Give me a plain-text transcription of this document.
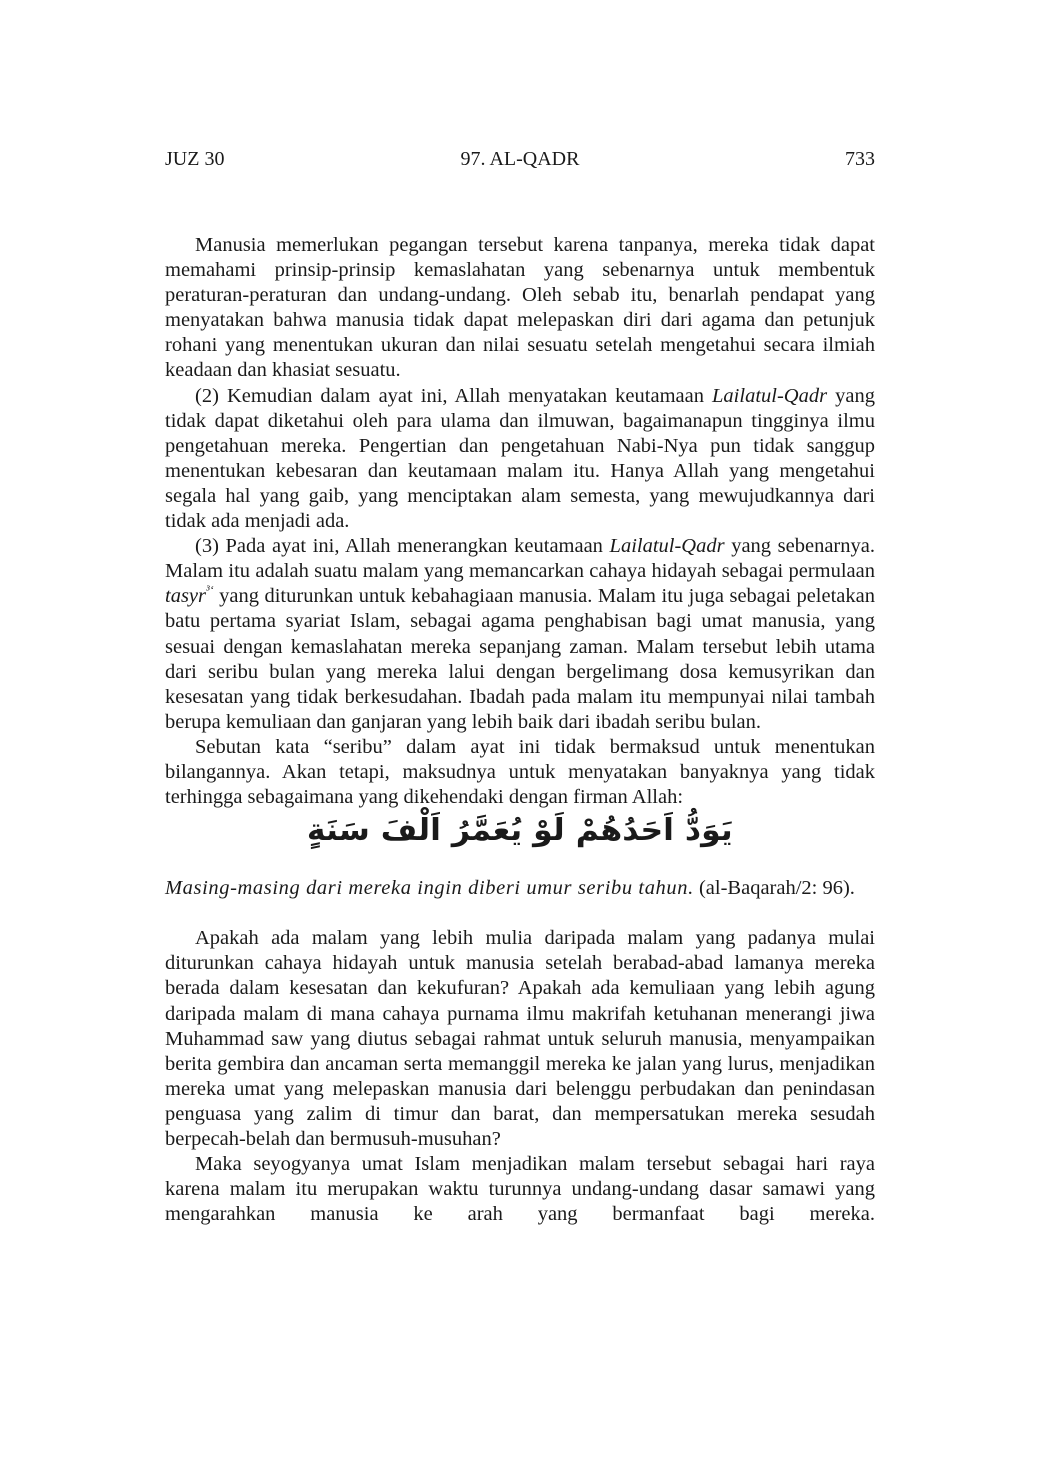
JUZ 30	97. AL-QADR	733

Manusia memerlukan pegangan tersebut karena tanpanya, mereka tidak dapat memahami prinsip-prinsip kemaslahatan yang sebenarnya untuk membentuk peraturan-peraturan dan undang-undang. Oleh sebab itu, benarlah pendapat yang menyatakan bahwa manusia tidak dapat melepaskan diri dari agama dan petunjuk rohani yang menentukan ukuran dan nilai sesuatu setelah mengetahui secara ilmiah keadaan dan khasiat sesuatu.

(2) Kemudian dalam ayat ini, Allah menyatakan keutamaan Lailatul-Qadr yang tidak dapat diketahui oleh para ulama dan ilmuwan, bagaimanapun tingginya ilmu pengetahuan mereka. Pengertian dan pengetahuan Nabi-Nya pun tidak sanggup menentukan kebesaran dan keutamaan malam itu. Hanya Allah yang mengetahui segala hal yang gaib, yang menciptakan alam semesta, yang mewujudkannya dari tidak ada menjadi ada.

(3) Pada ayat ini, Allah menerangkan keutamaan Lailatul-Qadr yang sebenarnya. Malam itu adalah suatu malam yang memancarkan cahaya hidayah sebagai permulaan tasyr$^{^3‘}$ yang diturunkan untuk kebahagiaan manusia. Malam itu juga sebagai peletakan batu pertama syariat Islam, sebagai agama penghabisan bagi umat manusia, yang sesuai dengan kemaslahatan mereka sepanjang zaman. Malam tersebut lebih utama dari seribu bulan yang mereka lalui dengan bergelimang dosa kemusyrikan dan kesesatan yang tidak berkesudahan. Ibadah pada malam itu mempunyai nilai tambah berupa kemuliaan dan ganjaran yang lebih baik dari ibadah seribu bulan.

Sebutan kata “seribu” dalam ayat ini tidak bermaksud untuk menentukan bilangannya. Akan tetapi, maksudnya untuk menyatakan banyaknya yang tidak terhingga sebagaimana yang dikehendaki dengan firman Allah:

يَوَدُّ اَحَدُهُمْ لَوْ يُعَمَّرُ اَلْفَ سَنَةٍ

Masing-masing dari mereka ingin diberi umur seribu tahun. (al-Baqarah/2: 96).

Apakah ada malam yang lebih mulia daripada malam yang padanya mulai diturunkan cahaya hidayah untuk manusia setelah berabad-abad lamanya mereka berada dalam kesesatan dan kekufuran? Apakah ada kemuliaan yang lebih agung daripada malam di mana cahaya purnama ilmu makrifah ketuhanan menerangi jiwa Muhammad saw yang diutus sebagai rahmat untuk seluruh manusia, menyampaikan berita gembira dan ancaman serta memanggil mereka ke jalan yang lurus, menjadikan mereka umat yang melepaskan manusia dari belenggu perbudakan dan penindasan penguasa yang zalim di timur dan barat, dan mempersatukan mereka sesudah berpecah-belah dan bermusuh-musuhan?

Maka seyogyanya umat Islam menjadikan malam tersebut sebagai hari raya karena malam itu merupakan waktu turunnya undang-undang dasar samawi yang mengarahkan manusia ke arah yang bermanfaat bagi mereka.
